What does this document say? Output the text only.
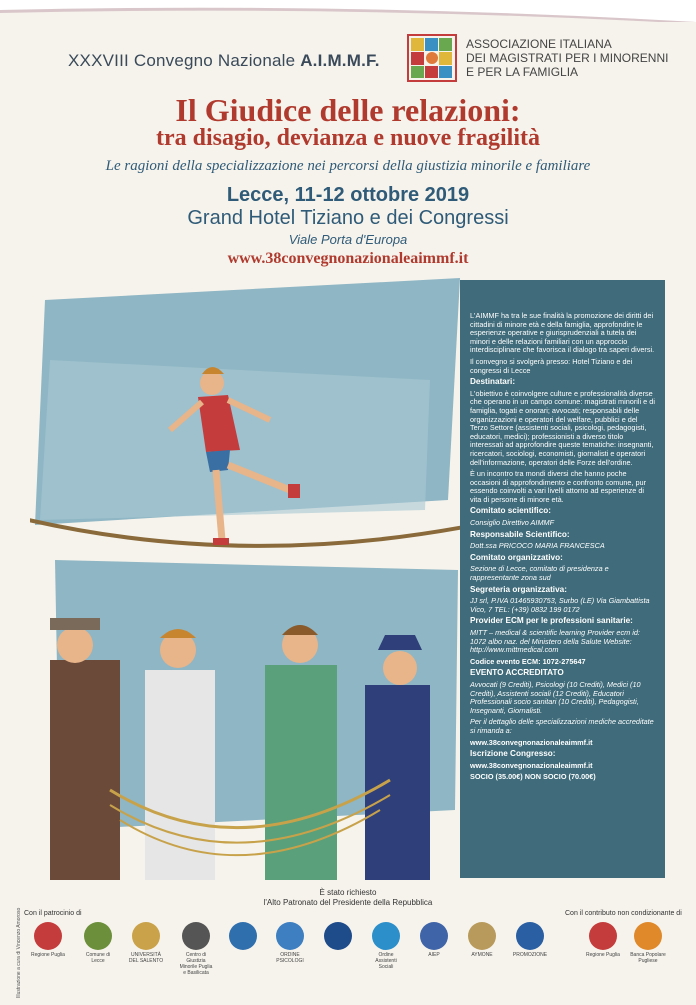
XXXVIII Convegno Nazionale A.I.M.M.F.
ASSOCIAZIONE ITALIANA
DEI MAGISTRATI PER I MINORENNI
E PER LA FAMIGLIA
Il Giudice delle relazioni:
tra disagio, devianza e nuove fragilità
Le ragioni della specializzazione nei percorsi della giustizia minorile e familiare
Lecce, 11-12 ottobre 2019
Grand Hotel Tiziano e dei Congressi
Viale Porta d'Europa
www.38convegnonazionaleaimmf.it

L'AIMMF ha tra le sue finalità la promozione dei diritti dei cittadini di minore età e della famiglia, approfondire le esperienze operative e giurisprudenziali a tutela dei minori e delle relazioni familiari con un approccio interdisciplinare che favorisca il dialogo tra saperi diversi.

Il convegno si svolgerà presso: Hotel Tiziano e dei congressi di Lecce

Destinatari:

L'obiettivo è coinvolgere culture e professionalità diverse che operano in un campo comune: magistrati minorili e di famiglia, togati e onorari; avvocati; responsabili delle organizzazioni e operatori del welfare, pubblici e del Terzo Settore (assistenti sociali, psicologi, pedagogisti, educatori, medici); professionisti a diverso titolo interessati ad approfondire queste tematiche: insegnanti, ricercatori, sociologi, economisti, giornalisti e operatori dell'informazione, operatori delle Forze dell'ordine.

È un incontro tra mondi diversi che hanno poche occasioni di approfondimento e confronto comune, pur essendo coinvolti a vari livelli attorno ad esperienze di vita di persone di minore età.

Comitato scientifico:

Consiglio Direttivo AIMMF

Responsabile Scientifico:

Dott.ssa PRICOCO MARIA FRANCESCA

Comitato organizzativo:

Sezione di Lecce, comitato di presidenza e rappresentante zona sud

Segreteria organizzativa:

JJ srl, P.IVA 01465930753, Surbo (LE) Via Giambattista Vico, 7 TEL: (+39) 0832 199 0172

Provider ECM per le professioni sanitarie:

MITT – medical & scientific learning Provider ecm id: 1072 albo naz. del Ministero della Salute Website: http://www.mittmedical.com

Codice evento ECM: 1072-275647

EVENTO ACCREDITATO

Avvocati (9 Crediti), Psicologi (10 Crediti), Medici (10 Crediti), Assistenti sociali (12 Crediti), Educatori Professionali socio sanitari (10 Crediti), Pedagogisti, Insegnanti, Giornalisti.

Per il dettaglio delle specializzazioni mediche accreditate si rimanda a:

www.38convegnonazionaleaimmf.it

Iscrizione Congresso:

www.38convegnonazionaleaimmf.it

SOCIO (35.00€) NON SOCIO (70.00€)

Illustrazione a cura di Vincenzo Amoroso
È stato richiesto
l'Alto Patronato del Presidente della Repubblica
Con il patrocinio di	Con il contributo non condizionante di
Regione Puglia	Comune di Lecce
UNIVERSITÀ DEL SALENTO
Centro di Giustizia Minorile Puglia e Basilicata
ORDINE PSICOLOGI
Ordine Assistenti Sociali
AIEP	AYMONE	PROMOZIONE	Regione Puglia Banca Popolare Pugliese
